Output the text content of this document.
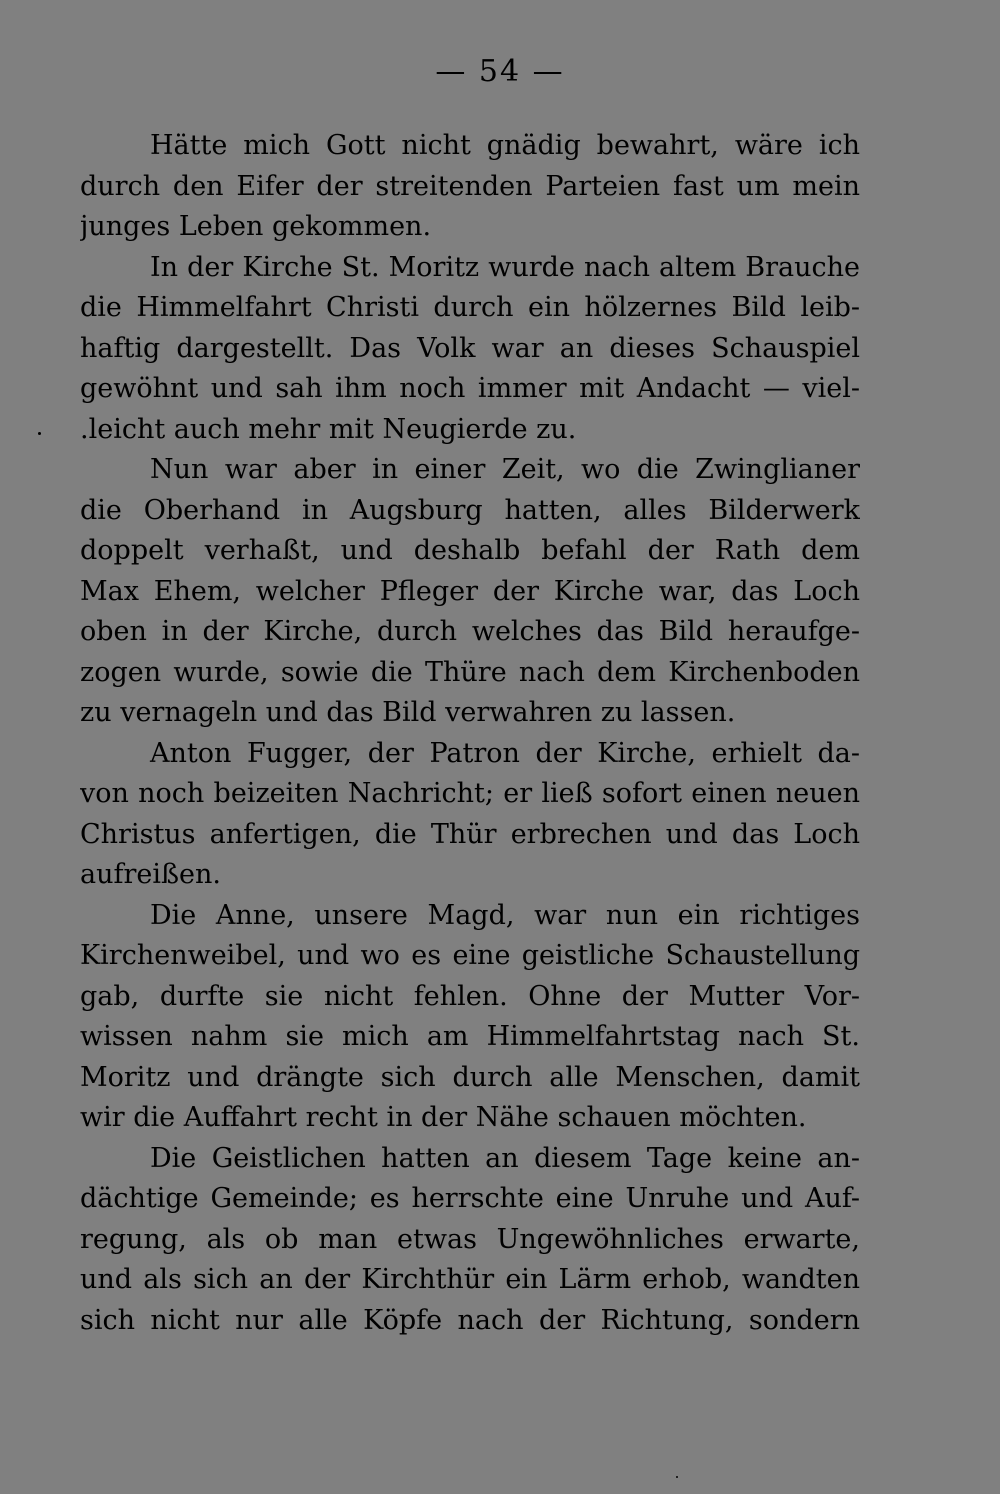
— 54 —
Hätte mich Gott nicht gnädig bewahrt, wäre ich
durch den Eifer der streitenden Parteien fast um mein
junges Leben gekommen.
In der Kirche St. Moritz wurde nach altem Brauche
die Himmelfahrt Christi durch ein hölzernes Bild leib-
haftig dargestellt. Das Volk war an dieses Schauspiel
gewöhnt und sah ihm noch immer mit Andacht — viel-
.leicht auch mehr mit Neugierde zu.
Nun war aber in einer Zeit, wo die Zwinglianer
die Oberhand in Augsburg hatten, alles Bilderwerk
doppelt verhaßt, und deshalb befahl der Rath dem
Max Ehem, welcher Pfleger der Kirche war, das Loch
oben in der Kirche, durch welches das Bild heraufge-
zogen wurde, sowie die Thüre nach dem Kirchenboden
zu vernageln und das Bild verwahren zu lassen.
Anton Fugger, der Patron der Kirche, erhielt da-
von noch beizeiten Nachricht; er ließ sofort einen neuen
Christus anfertigen, die Thür erbrechen und das Loch
aufreißen.
Die Anne, unsere Magd, war nun ein richtiges
Kirchenweibel, und wo es eine geistliche Schaustellung
gab, durfte sie nicht fehlen. Ohne der Mutter Vor-
wissen nahm sie mich am Himmelfahrtstag nach St.
Moritz und drängte sich durch alle Menschen, damit
wir die Auffahrt recht in der Nähe schauen möchten.
Die Geistlichen hatten an diesem Tage keine an-
dächtige Gemeinde; es herrschte eine Unruhe und Auf-
regung, als ob man etwas Ungewöhnliches erwarte,
und als sich an der Kirchthür ein Lärm erhob, wandten
sich nicht nur alle Köpfe nach der Richtung, sondern
